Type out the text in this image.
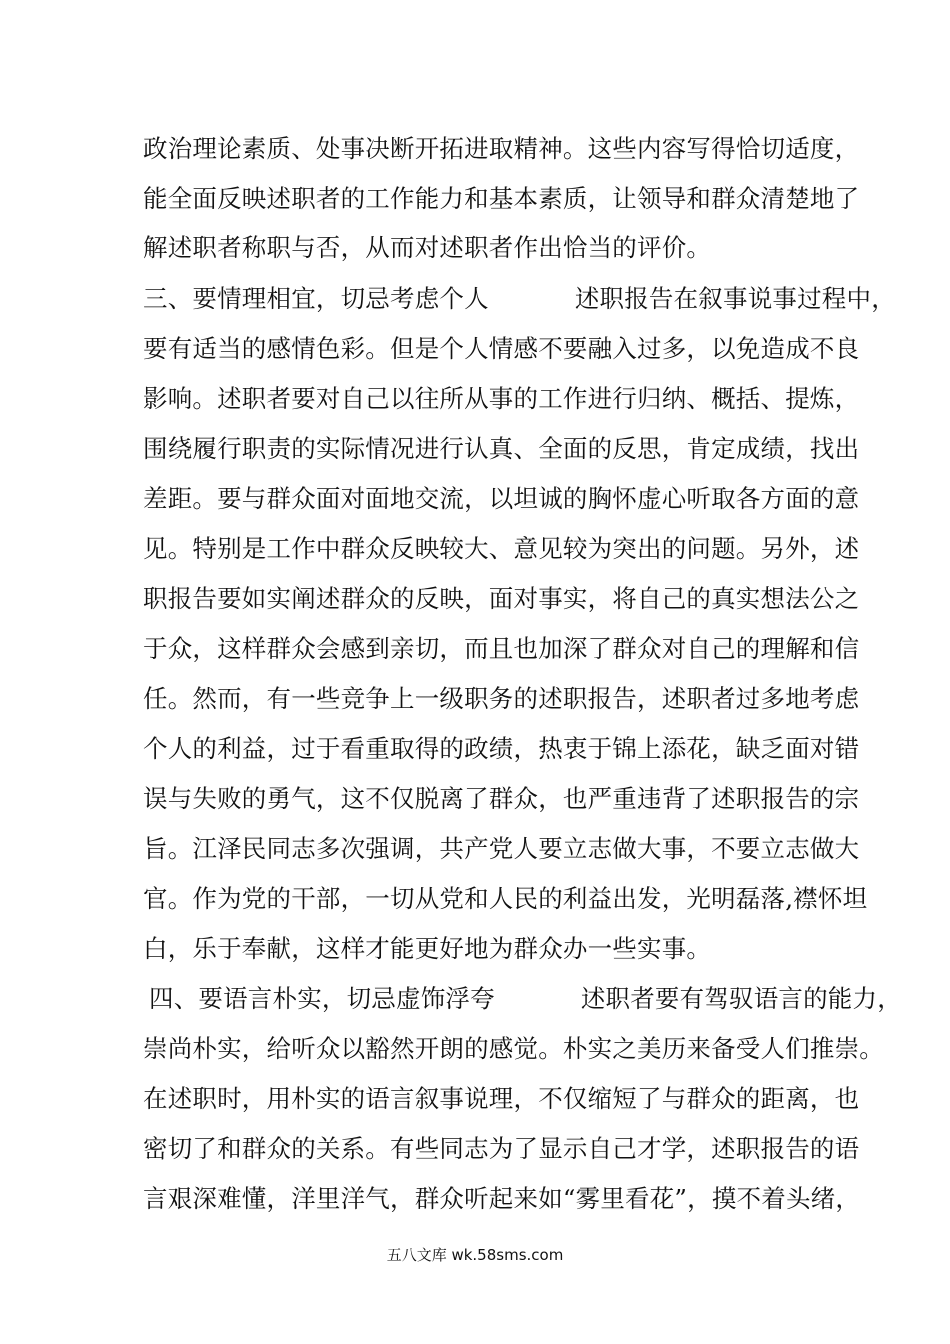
政治理论素质、处事决断开拓进取精神。这些内容写得恰切适度，
能全面反映述职者的工作能力和基本素质，让领导和群众清楚地了
解述职者称职与否，从而对述职者作出恰当的评价。
三、要情理相宜，切忌考虑个人	述职报告在叙事说事过程中，
要有适当的感情色彩。但是个人情感不要融入过多，以免造成不良
影响。述职者要对自己以往所从事的工作进行归纳、概括、提炼，
围绕履行职责的实际情况进行认真、全面的反思，肯定成绩，找出
差距。要与群众面对面地交流，以坦诚的胸怀虚心听取各方面的意
见。特别是工作中群众反映较大、意见较为突出的问题。另外，述
职报告要如实阐述群众的反映，面对事实，将自己的真实想法公之
于众，这样群众会感到亲切，而且也加深了群众对自己的理解和信
任。然而，有一些竞争上一级职务的述职报告，述职者过多地考虑
个人的利益，过于看重取得的政绩，热衷于锦上添花，缺乏面对错
误与失败的勇气，这不仅脱离了群众，也严重违背了述职报告的宗
旨。江泽民同志多次强调，共产党人要立志做大事，不要立志做大
官。作为党的干部，一切从党和人民的利益出发，光明磊落,襟怀坦
白，乐于奉献，这样才能更好地为群众办一些实事。
四、要语言朴实，切忌虚饰浮夸	述职者要有驾驭语言的能力，
崇尚朴实，给听众以豁然开朗的感觉。朴实之美历来备受人们推崇。
在述职时，用朴实的语言叙事说理，不仅缩短了与群众的距离，也
密切了和群众的关系。有些同志为了显示自己才学，述职报告的语
言艰深难懂，洋里洋气，群众听起来如“雾里看花”，摸不着头绪，
五八文库 wk.58sms.com
